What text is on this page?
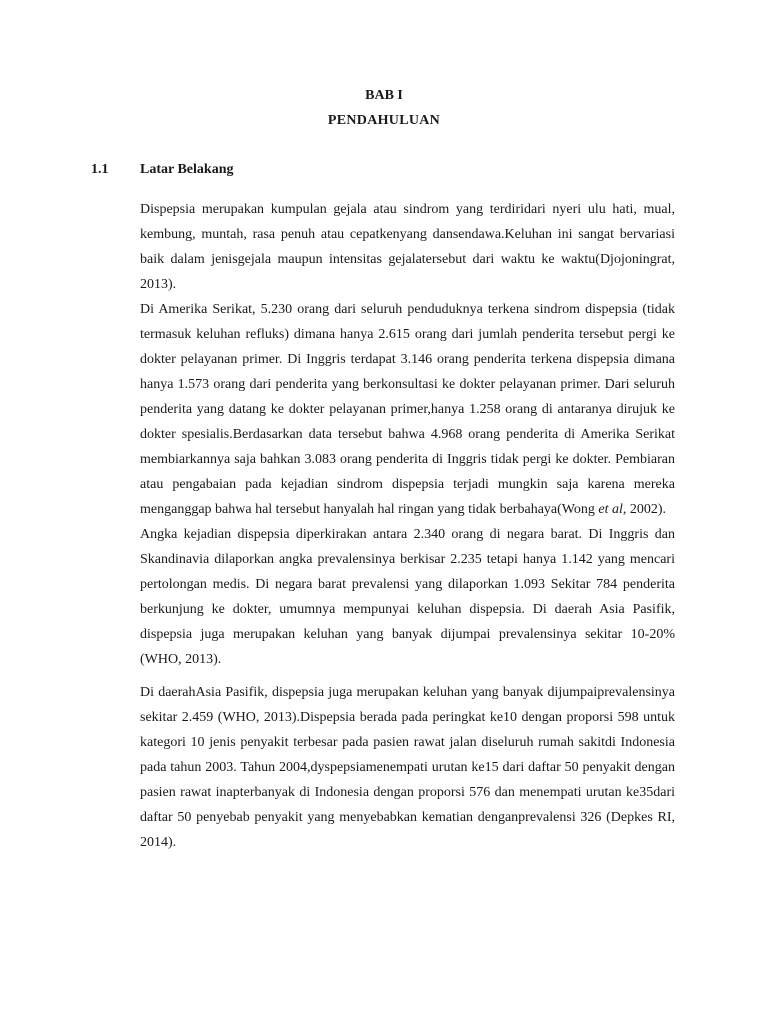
BAB I
PENDAHULUAN
1.1 Latar Belakang

Dispepsia merupakan kumpulan gejala atau sindrom yang terdiridari nyeri ulu hati, mual, kembung, muntah, rasa penuh atau cepatkenyang dansendawa.Keluhan ini sangat bervariasi baik dalam jenisgejala maupun intensitas gejalatersebut dari waktu ke waktu(Djojoningrat, 2013).

Di Amerika Serikat, 5.230 orang dari seluruh penduduknya terkena sindrom dispepsia (tidak termasuk keluhan refluks) dimana hanya 2.615 orang dari jumlah penderita tersebut pergi ke dokter pelayanan primer. Di Inggris terdapat 3.146 orang penderita terkena dispepsia dimana hanya 1.573 orang dari penderita yang berkonsultasi ke dokter pelayanan primer. Dari seluruh penderita yang datang ke dokter pelayanan primer,hanya 1.258 orang di antaranya dirujuk ke dokter spesialis.Berdasarkan data tersebut bahwa 4.968 orang penderita di Amerika Serikat membiarkannya saja bahkan 3.083 orang penderita di Inggris tidak pergi ke dokter. Pembiaran atau pengabaian pada kejadian sindrom dispepsia terjadi mungkin saja karena mereka menganggap bahwa hal tersebut hanyalah hal ringan yang tidak berbahaya(Wong et al, 2002).

Angka kejadian dispepsia diperkirakan antara 2.340 orang di negara barat. Di Inggris dan Skandinavia dilaporkan angka prevalensinya berkisar 2.235 tetapi hanya 1.142 yang mencari pertolongan medis. Di negara barat prevalensi yang dilaporkan 1.093 Sekitar 784 penderita berkunjung ke dokter, umumnya mempunyai keluhan dispepsia. Di daerah Asia Pasifik, dispepsia juga merupakan keluhan yang banyak dijumpai prevalensinya sekitar 10-20% (WHO, 2013).

Di daerahAsia Pasifik, dispepsia juga merupakan keluhan yang banyak dijumpaiprevalensinya sekitar 2.459 (WHO, 2013).Dispepsia berada pada peringkat ke10 dengan proporsi 598 untuk kategori 10 jenis penyakit terbesar pada pasien rawat jalan diseluruh rumah sakitdi Indonesia pada tahun 2003. Tahun 2004,dyspepsiamenempati urutan ke15 dari daftar 50 penyakit dengan pasien rawat inapterbanyak di Indonesia dengan proporsi 576 dan menempati urutan ke35dari daftar 50 penyebab penyakit yang menyebabkan kematian denganprevalensi 326 (Depkes RI, 2014).
